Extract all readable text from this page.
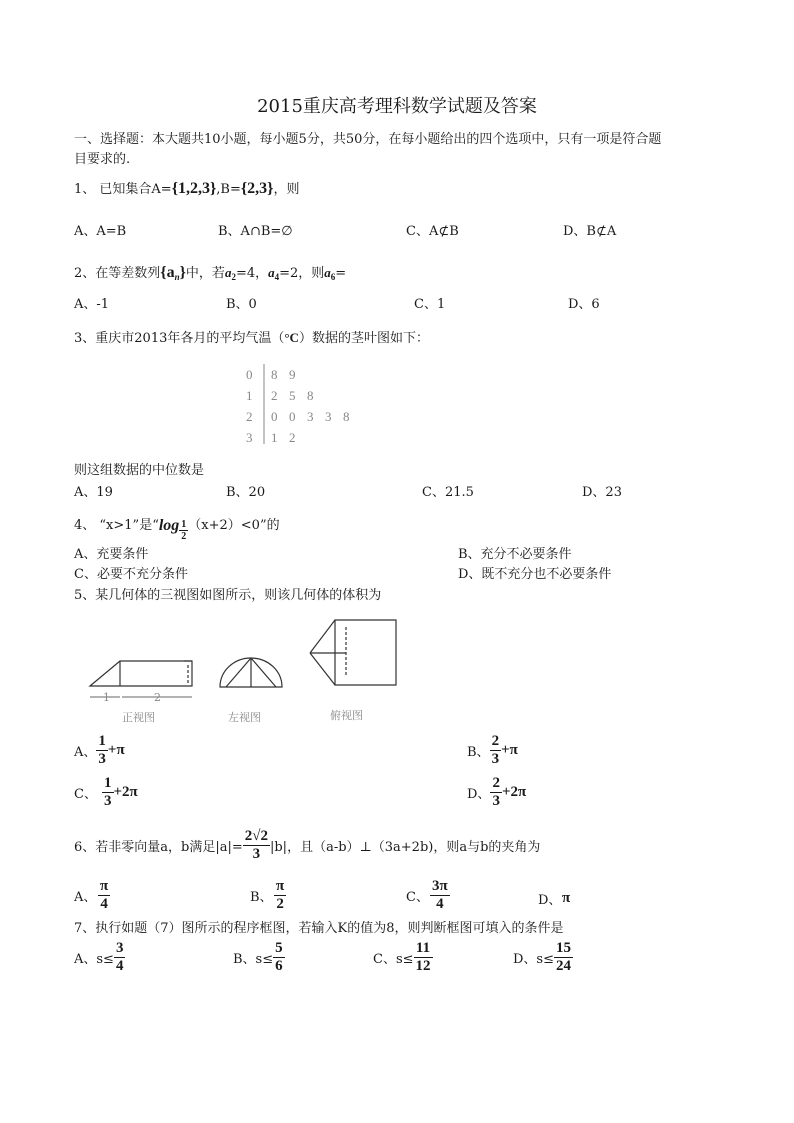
2015重庆高考理科数学试题及答案
一、选择题：本大题共10小题，每小题5分，共50分，在每小题给出的四个选项中，只有一项是符合题
目要求的.
1、 已知集合A={1,2,3},B={2,3}，则
A、A=B	B、A∩B=∅	C、A⊄B	D、B⊄A
2、在等差数列$\{a_n\}$中，若$a_2=4$，$a_4=2$，则$a_6=$
A、-1	B、0	C、1	D、6
3、重庆市2013年各月的平均气温（°C）数据的茎叶图如下：
0 8 9
1 2 5 8
2 0 0 3 3 8
3 1 2
则这组数据的中位数是
A、19	B、20	C、21.5	D、23
4、 “x>1”是“$\log \frac{1}{2} (x+2)<0$”的
A、充要条件	B、充分不必要条件
C、必要不充分条件	D、既不充分也不必要条件
5、某几何体的三视图如图所示，则该几何体的体积为
1	2
正视图	左视图	俯视图
A、 $\frac{1}{3} +\pi$	B、 $\frac{2}{3} +\pi$
C、 $\frac{1}{3} +2\pi$	D、 $\frac{2}{3} +2\pi$
6、若非零向量a，b满足$|a|= \frac{2√2}{3} |b|$，且（a-b）⊥（3a+2b)，则a与b的夹角为
A、 $\frac{\pi}{4}$	B、 $\frac{\pi}{2}$	C、 $\frac{3\pi}{4}$	D、π
7、执行如题（7）图所示的程序框图，若输入K的值为8，则判断框图可填入的条件是
A、$s\le \frac{3}{4}$	B、$s\le \frac{5}{6}$	C、$s\le \frac{11}{12}$	D、$s\le \frac{15}{24}$
